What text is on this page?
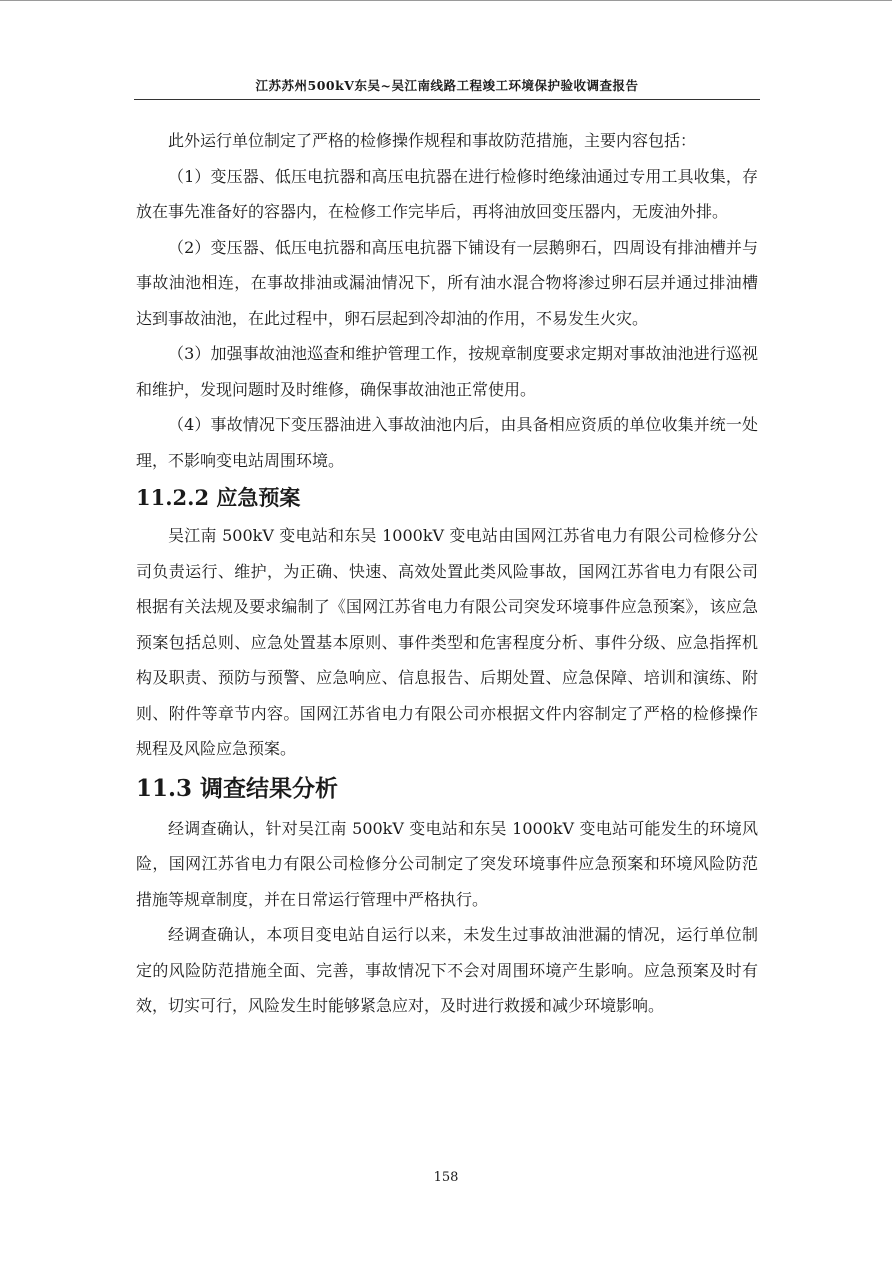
江苏苏州500kV东吴~吴江南线路工程竣工环境保护验收调查报告

此外运行单位制定了严格的检修操作规程和事故防范措施，主要内容包括：

（1）变压器、低压电抗器和高压电抗器在进行检修时绝缘油通过专用工具收集，存放在事先准备好的容器内，在检修工作完毕后，再将油放回变压器内，无废油外排。

（2）变压器、低压电抗器和高压电抗器下铺设有一层鹅卵石，四周设有排油槽并与事故油池相连，在事故排油或漏油情况下，所有油水混合物将渗过卵石层并通过排油槽达到事故油池，在此过程中，卵石层起到冷却油的作用，不易发生火灾。

（3）加强事故油池巡查和维护管理工作，按规章制度要求定期对事故油池进行巡视和维护，发现问题时及时维修，确保事故油池正常使用。

（4）事故情况下变压器油进入事故油池内后，由具备相应资质的单位收集并统一处理，不影响变电站周围环境。

11.2.2 应急预案

吴江南 500kV 变电站和东吴 1000kV 变电站由国网江苏省电力有限公司检修分公司负责运行、维护，为正确、快速、高效处置此类风险事故，国网江苏省电力有限公司根据有关法规及要求编制了《国网江苏省电力有限公司突发环境事件应急预案》，该应急预案包括总则、应急处置基本原则、事件类型和危害程度分析、事件分级、应急指挥机构及职责、预防与预警、应急响应、信息报告、后期处置、应急保障、培训和演练、附则、附件等章节内容。国网江苏省电力有限公司亦根据文件内容制定了严格的检修操作规程及风险应急预案。

11.3 调查结果分析

经调查确认，针对吴江南 500kV 变电站和东吴 1000kV 变电站可能发生的环境风险，国网江苏省电力有限公司检修分公司制定了突发环境事件应急预案和环境风险防范措施等规章制度，并在日常运行管理中严格执行。

经调查确认，本项目变电站自运行以来，未发生过事故油泄漏的情况，运行单位制定的风险防范措施全面、完善，事故情况下不会对周围环境产生影响。应急预案及时有效，切实可行，风险发生时能够紧急应对，及时进行救援和减少环境影响。

158
